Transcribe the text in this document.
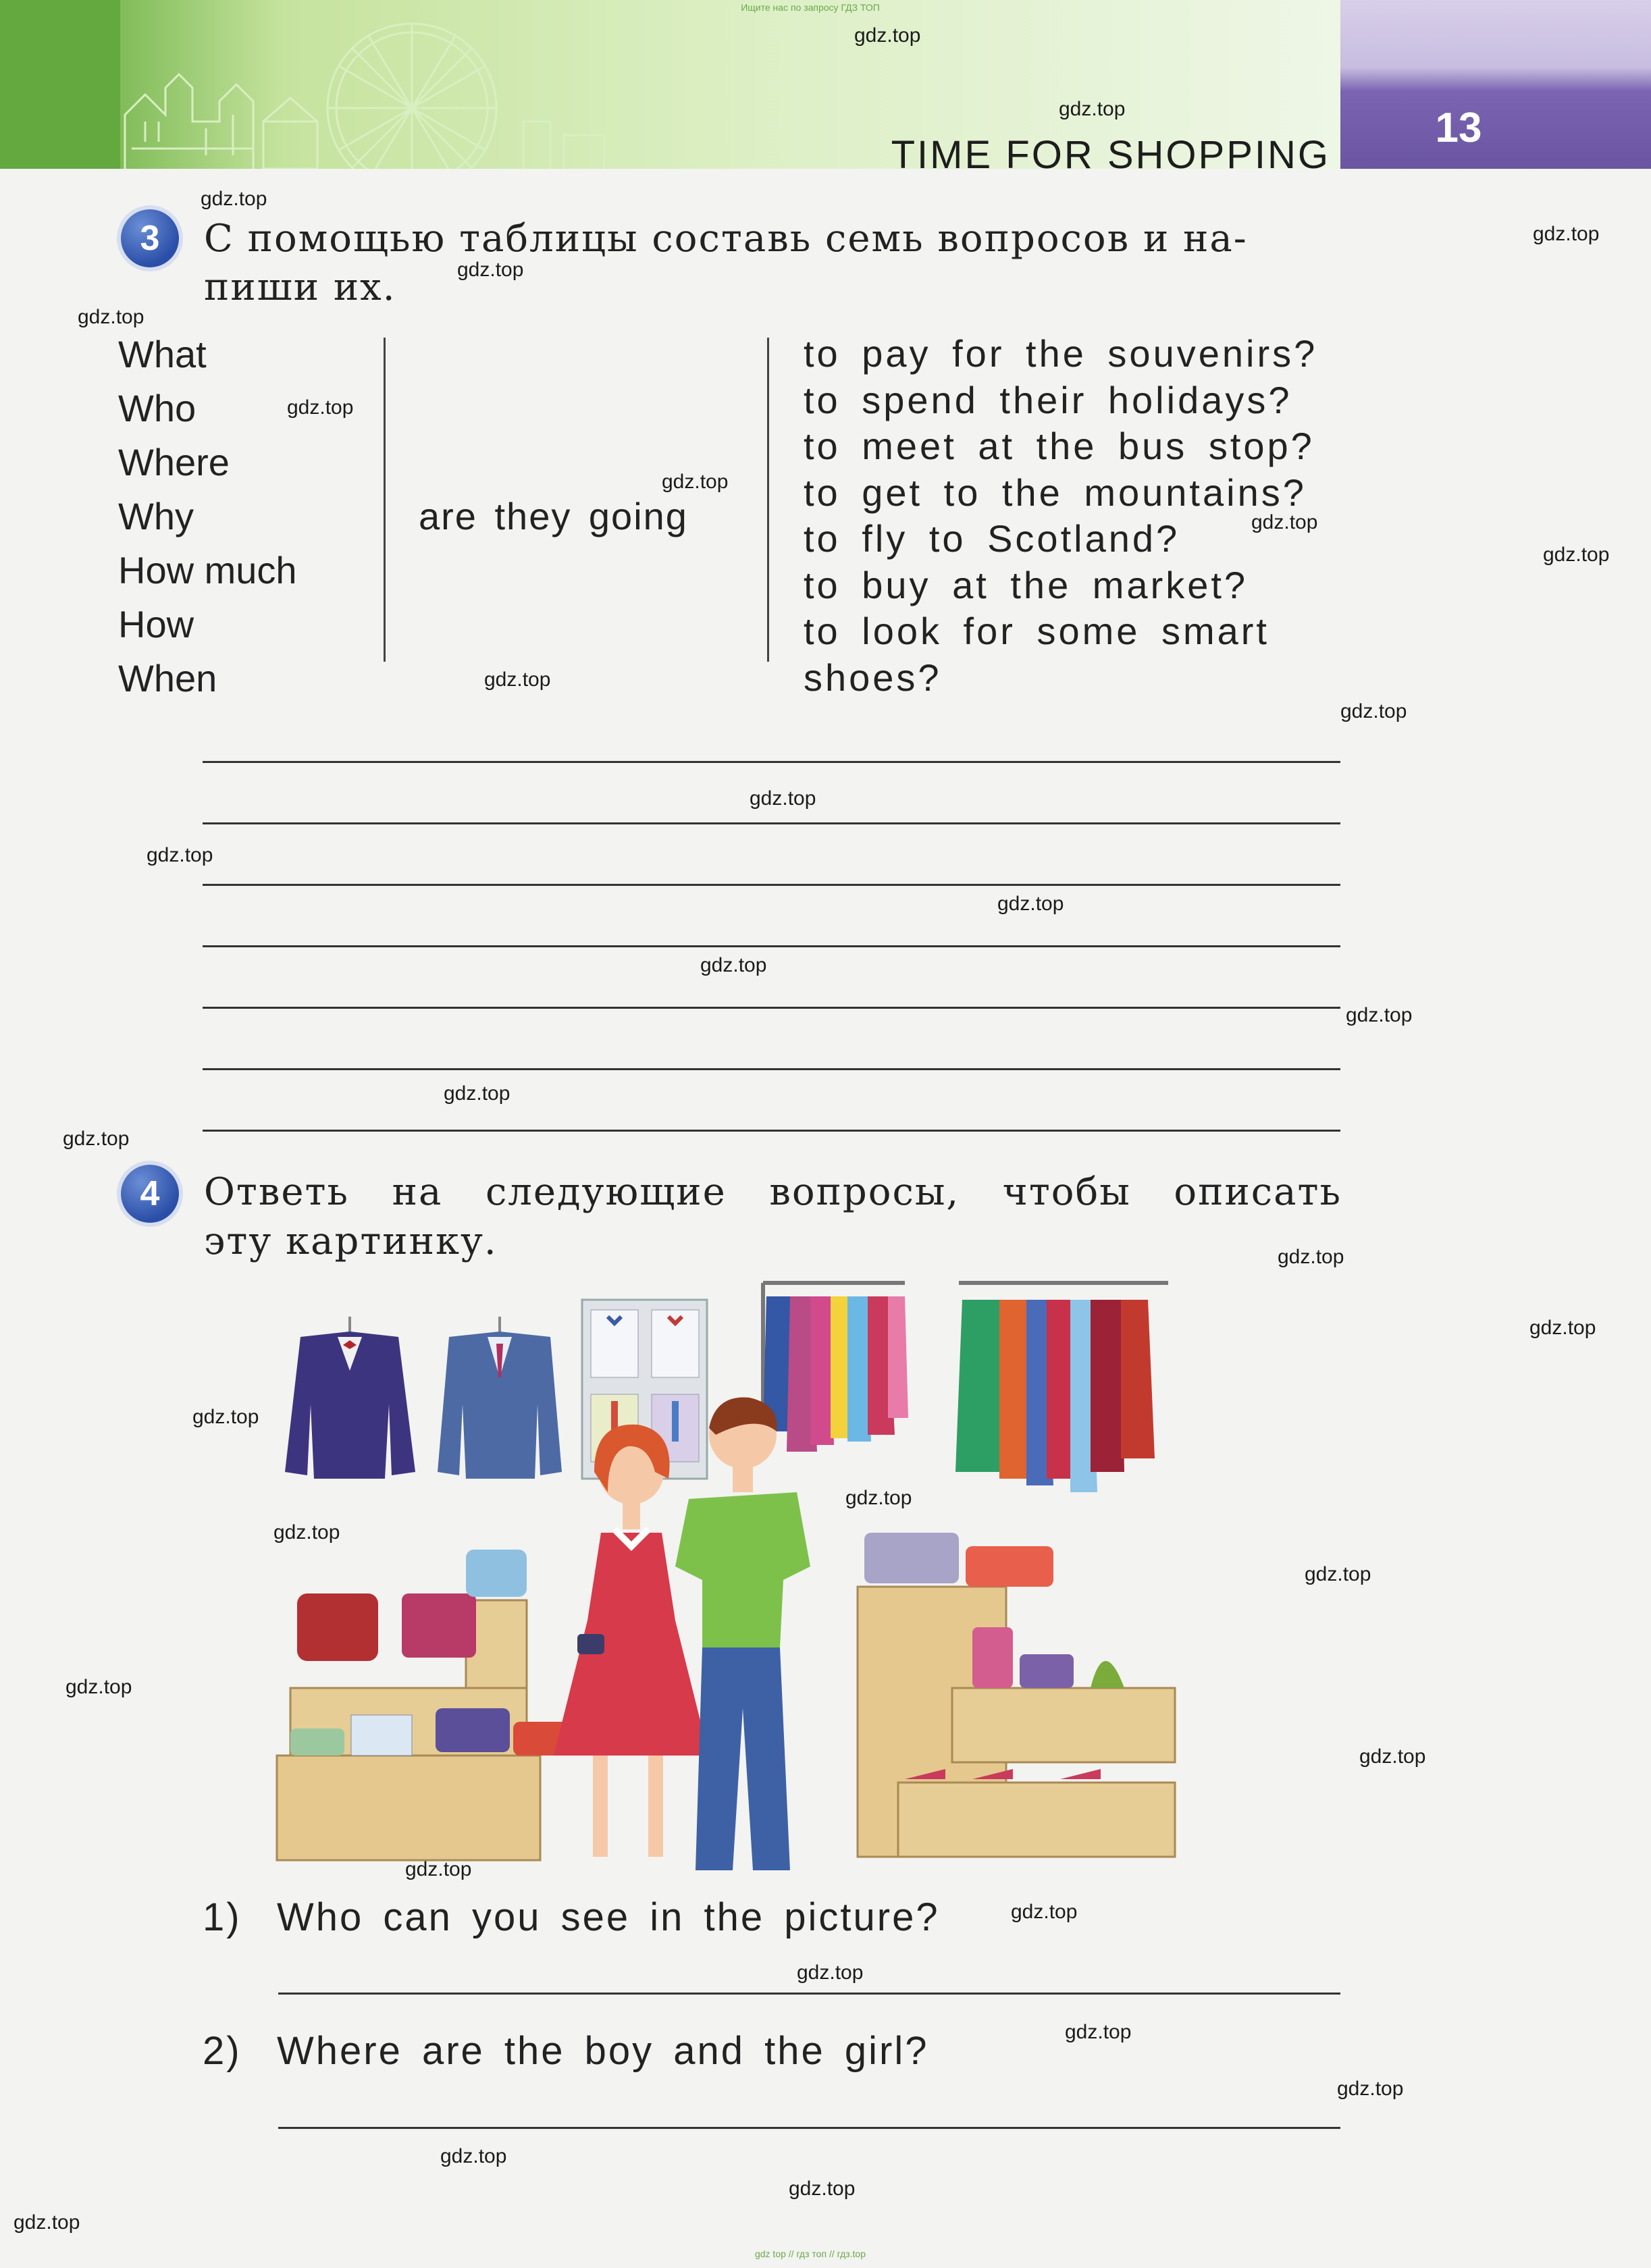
13
TIME FOR SHOPPING
Ищите нас по запросу ГДЗ ТОП
3	С помощью таблицы составь семь вопросов и на-
пиши их.
What
Who
Where
Why
How much
How
When
are they going
to pay for the souvenirs?
to spend their holidays?
to meet at the bus stop?
to get to the mountains?
to fly to Scotland?
to buy at the market?
to look for some smart
shoes?
4	Ответь на следующие вопросы, чтобы описать
эту картинку.
1) Who can you see in the picture?
2) Where are the boy and the girl?
gdz top // гдз топ // гдз.top
gdz.top
gdz.top
gdz.top
gdz.top
gdz.top
gdz.top
gdz.top
gdz.top
gdz.top
gdz.top
gdz.top
gdz.top
gdz.top
gdz.top
gdz.top
gdz.top
gdz.top
gdz.top
gdz.top
gdz.top
gdz.top
gdz.top
gdz.top
gdz.top
gdz.top
gdz.top
gdz.top
gdz.top
gdz.top
gdz.top
gdz.top
gdz.top
gdz.top
gdz.top
gdz.top
